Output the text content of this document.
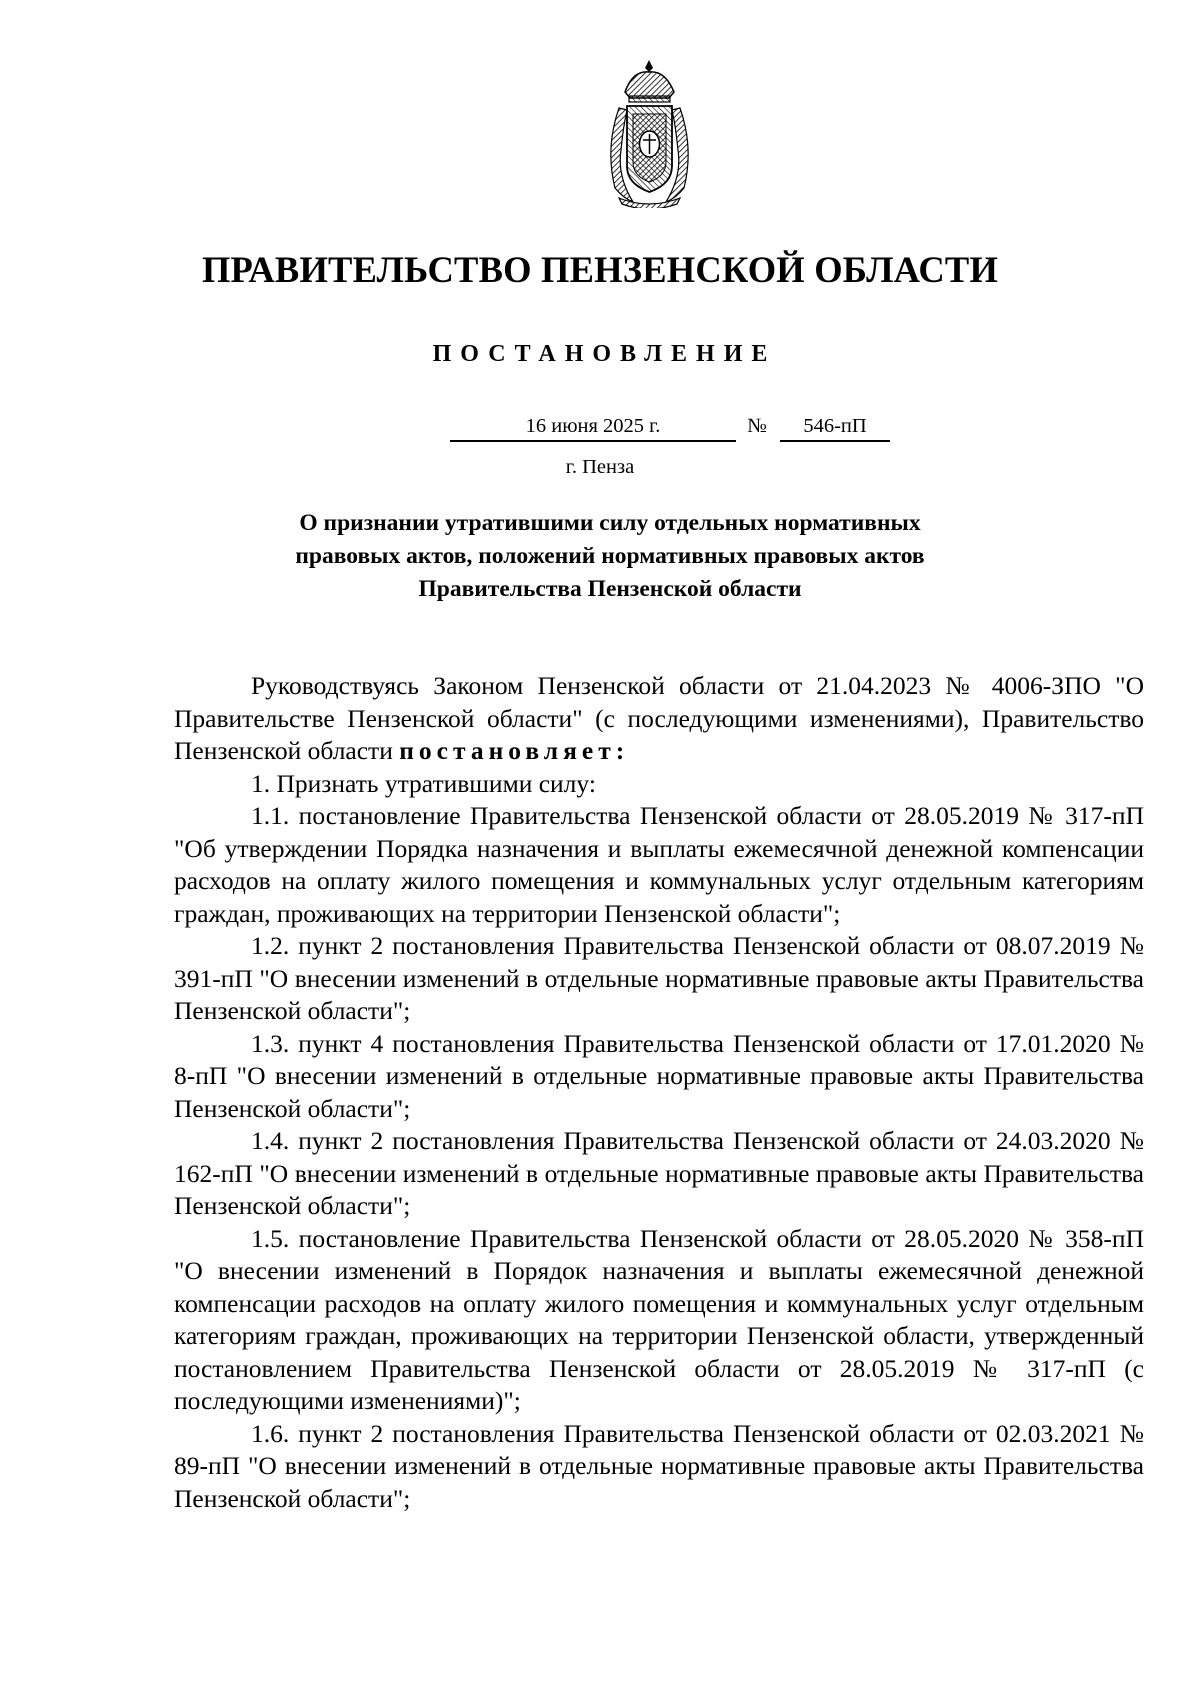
ПРАВИТЕЛЬСТВО ПЕНЗЕНСКОЙ ОБЛАСТИ
ПОСТАНОВЛЕНИЕ
16 июня 2025 г.	№	546-пП
г. Пенза
О признании утратившими силу отдельных нормативных
правовых актов, положений нормативных правовых актов
Правительства Пензенской области

Руководствуясь Законом Пензенской области от 21.04.2023 № 4006-ЗПО "О Правительстве Пензенской области" (с последующими изменениями), Правительство Пензенской области постановляет:

1. Признать утратившими силу:

1.1. постановление Правительства Пензенской области от 28.05.2019 № 317-пП "Об утверждении Порядка назначения и выплаты ежемесячной денежной компенсации расходов на оплату жилого помещения и коммунальных услуг отдельным категориям граждан, проживающих на территории Пензенской области";

1.2. пункт 2 постановления Правительства Пензенской области от 08.07.2019 № 391-пП "О внесении изменений в отдельные нормативные правовые акты Правительства Пензенской области";

1.3. пункт 4 постановления Правительства Пензенской области от 17.01.2020 № 8-пП "О внесении изменений в отдельные нормативные правовые акты Правительства Пензенской области";

1.4. пункт 2 постановления Правительства Пензенской области от 24.03.2020 № 162-пП "О внесении изменений в отдельные нормативные правовые акты Правительства Пензенской области";

1.5. постановление Правительства Пензенской области от 28.05.2020 № 358-пП "О внесении изменений в Порядок назначения и выплаты ежемесячной денежной компенсации расходов на оплату жилого помещения и коммунальных услуг отдельным категориям граждан, проживающих на территории Пензенской области, утвержденный постановлением Правительства Пензенской области от 28.05.2019 № 317-пП (с последующими изменениями)";

1.6. пункт 2 постановления Правительства Пензенской области от 02.03.2021 № 89-пП "О внесении изменений в отдельные нормативные правовые акты Правительства Пензенской области";
